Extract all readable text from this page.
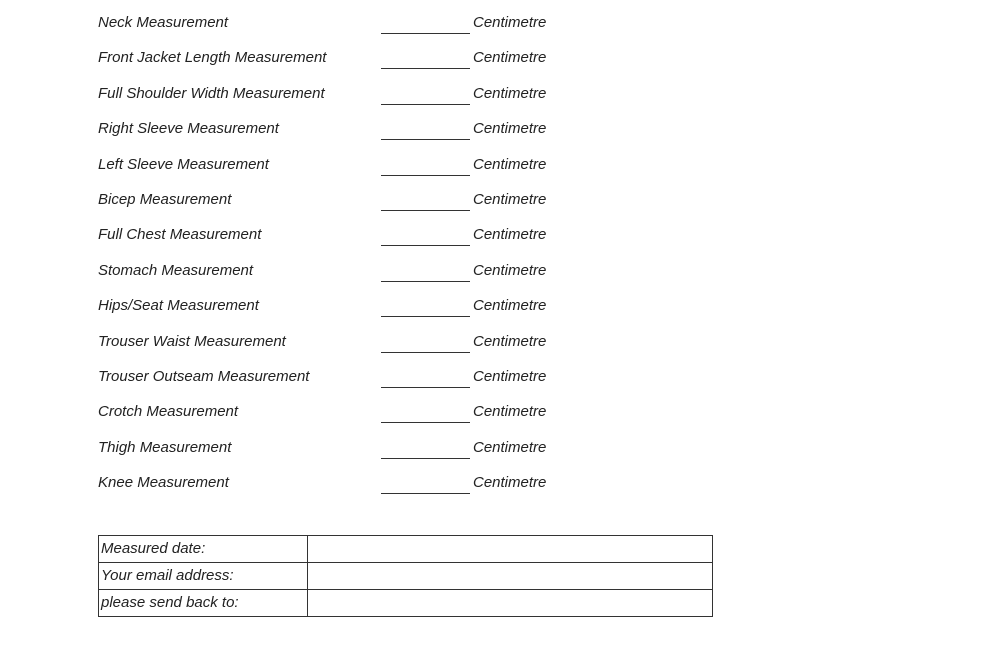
Neck Measurement	Centimetre
Front Jacket Length Measurement	Centimetre
Full Shoulder Width Measurement	Centimetre
Right Sleeve Measurement	Centimetre
Left Sleeve Measurement	Centimetre
Bicep Measurement	Centimetre
Full Chest Measurement	Centimetre
Stomach Measurement	Centimetre
Hips/Seat Measurement	Centimetre
Trouser Waist Measurement	Centimetre
Trouser Outseam Measurement	Centimetre
Crotch Measurement	Centimetre
Thigh Measurement	Centimetre
Knee Measurement	Centimetre
Measured date:	
Your email address:	
please send back to:	
